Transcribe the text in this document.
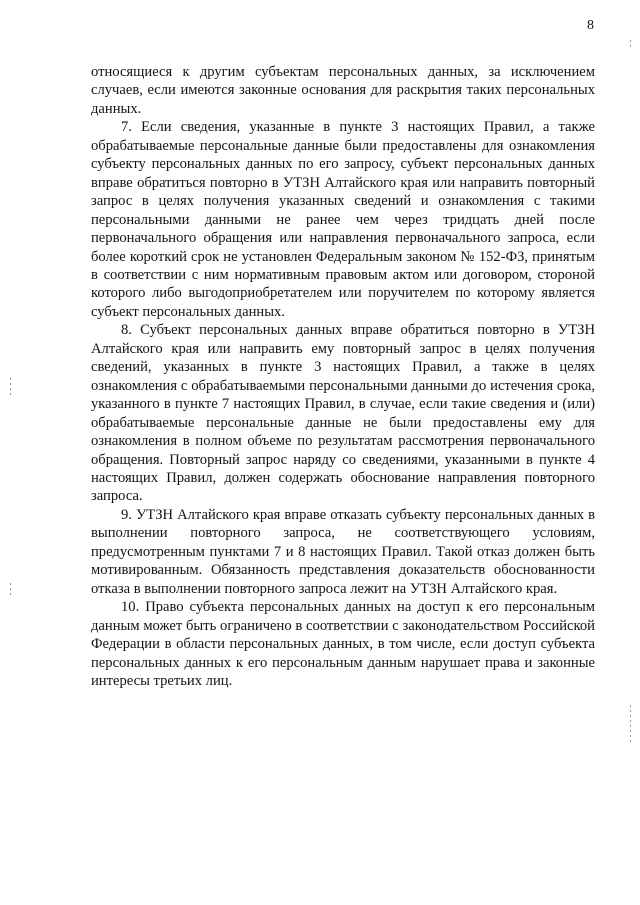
8

относящиеся к другим субъектам персональных данных, за исключением случаев, если имеются законные основания для раскрытия таких персональных данных.

7. Если сведения, указанные в пункте 3 настоящих Правил, а также обрабатываемые персональные данные были предоставлены для ознакомления субъекту персональных данных по его запросу, субъект персональных данных вправе обратиться повторно в УТЗН Алтайского края или направить повторный запрос в целях получения указанных сведений и ознакомления с такими персональными данными не ранее чем через тридцать дней после первоначального обращения или направления первоначального запроса, если более короткий срок не установлен Федеральным законом № 152-ФЗ, принятым в соответствии с ним нормативным правовым актом или договором, стороной которого либо выгодоприобретателем или поручителем по которому является субъект персональных данных.

8. Субъект персональных данных вправе обратиться повторно в УТЗН Алтайского края или направить ему повторный запрос в целях получения сведений, указанных в пункте 3 настоящих Правил, а также в целях ознакомления с обрабатываемыми персональными данными до истечения срока, указанного в пункте 7 настоящих Правил, в случае, если такие сведения и (или) обрабатываемые персональные данные не были предоставлены ему для ознакомления в полном объеме по результатам рассмотрения первоначального обращения. Повторный запрос наряду со сведениями, указанными в пункте 4 настоящих Правил, должен содержать обоснование направления повторного запроса.

9. УТЗН Алтайского края вправе отказать субъекту персональных данных в выполнении повторного запроса, не соответствующего условиям, предусмотренным пунктами 7 и 8 настоящих Правил. Такой отказ должен быть мотивированным. Обязанность представления доказательств обоснованности отказа в выполнении повторного запроса лежит на УТЗН Алтайского края.

10. Право субъекта персональных данных на доступ к его персональным данным может быть ограничено в соответствии с законодательством Российской Федерации в области персональных данных, в том числе, если доступ субъекта персональных данных к его персональным данным нарушает права и законные интересы третьих лиц.
